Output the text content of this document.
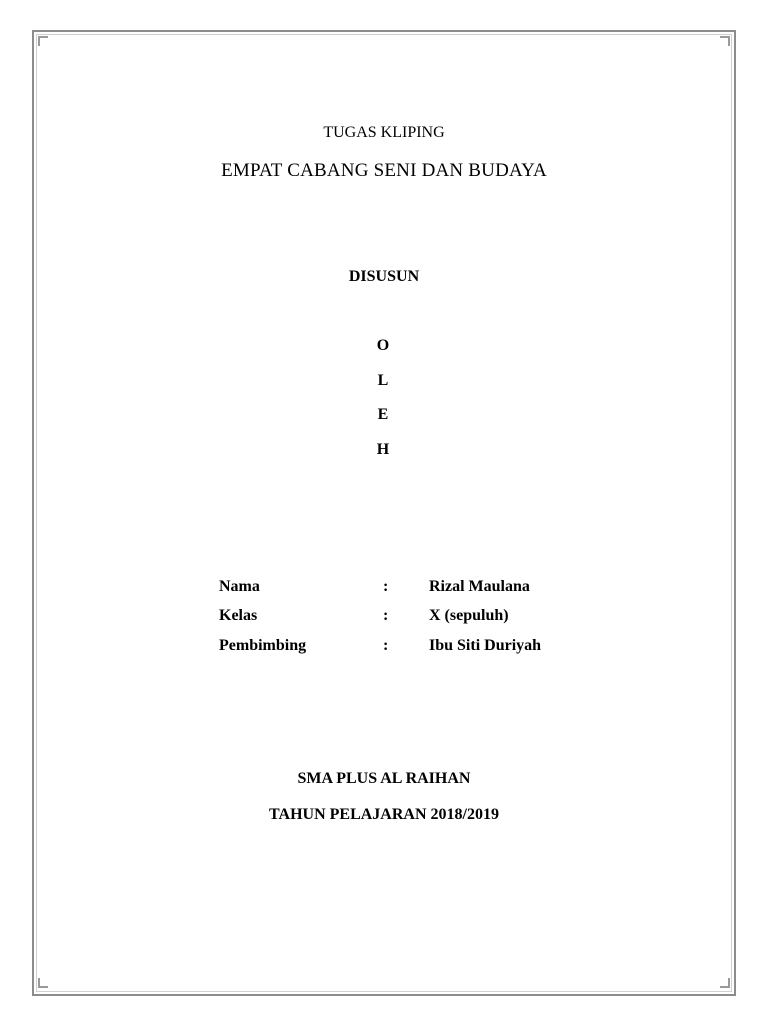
TUGAS KLIPING
EMPAT CABANG SENI DAN BUDAYA
DISUSUN
O
L
E
H
Nama	:	Rizal Maulana
Kelas	:	X (sepuluh)
Pembimbing	:	Ibu Siti Duriyah
SMA PLUS AL RAIHAN
TAHUN PELAJARAN 2018/2019
